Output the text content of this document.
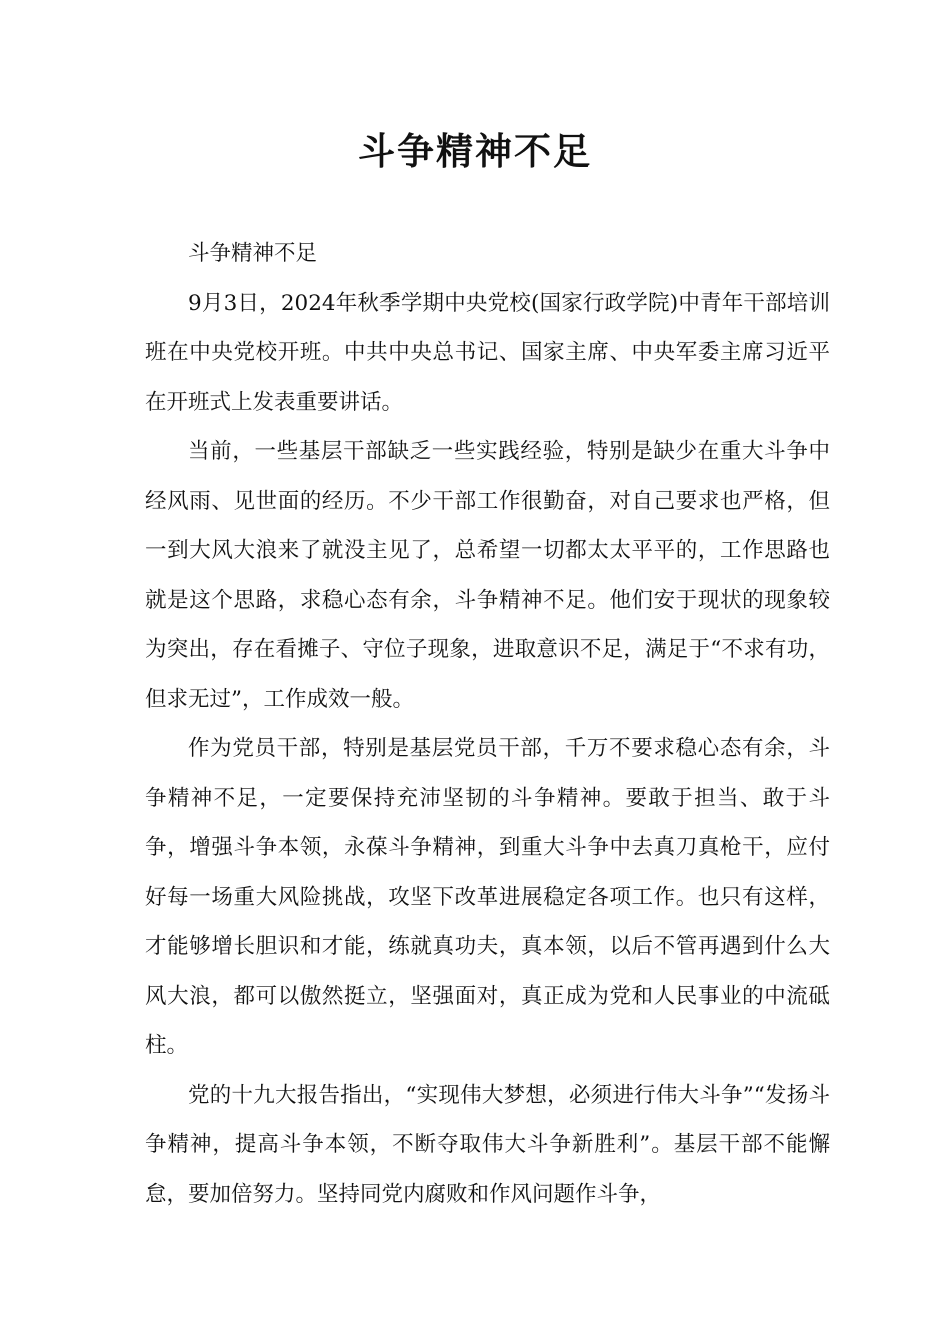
斗争精神不足

斗争精神不足

9月3日，2024年秋季学期中央党校(国家行政学院)中青年干部培训班在中央党校开班。中共中央总书记、国家主席、中央军委主席习近平在开班式上发表重要讲话。

当前，一些基层干部缺乏一些实践经验，特别是缺少在重大斗争中经风雨、见世面的经历。不少干部工作很勤奋，对自己要求也严格，但一到大风大浪来了就没主见了，总希望一切都太太平平的，工作思路也就是这个思路，求稳心态有余，斗争精神不足。他们安于现状的现象较为突出，存在看摊子、守位子现象，进取意识不足，满足于“不求有功，但求无过”，工作成效一般。

作为党员干部，特别是基层党员干部，千万不要求稳心态有余，斗争精神不足，一定要保持充沛坚韧的斗争精神。要敢于担当、敢于斗争，增强斗争本领，永葆斗争精神，到重大斗争中去真刀真枪干，应付好每一场重大风险挑战，攻坚下改革进展稳定各项工作。也只有这样，才能够增长胆识和才能，练就真功夫，真本领，以后不管再遇到什么大风大浪，都可以傲然挺立，坚强面对，真正成为党和人民事业的中流砥柱。

党的十九大报告指出，“实现伟大梦想，必须进行伟大斗争”“发扬斗争精神，提高斗争本领，不断夺取伟大斗争新胜利”。基层干部不能懈怠，要加倍努力。坚持同党内腐败和作风问题作斗争，
